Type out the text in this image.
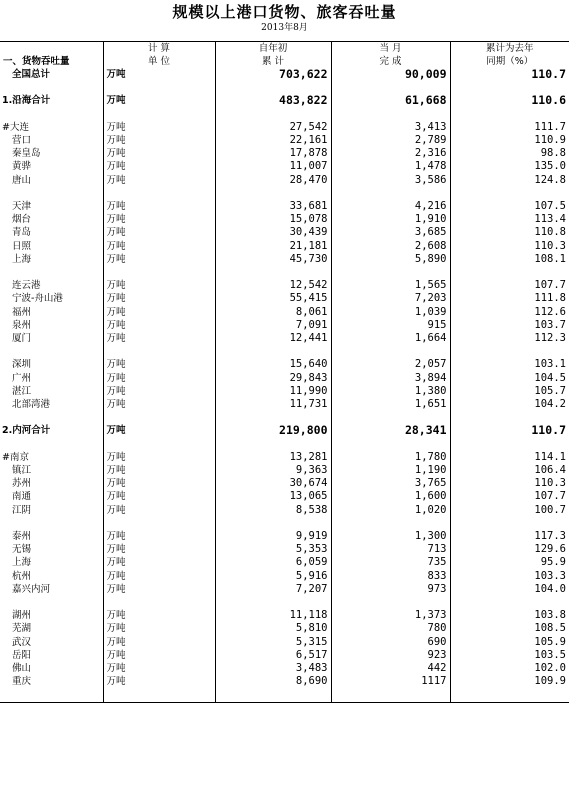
规模以上港口货物、旅客吞吐量
2013年8月
	计 算	自年初	当 月	累计为去年
一、货物吞吐量	单 位	累 计	完 成	同期（%）
全国总计	万吨	703,622	90,009	110.7

1.沿海合计	万吨	483,822	61,668	110.6

#大连	万吨	27,542	3,413	111.7
营口	万吨	22,161	2,789	110.9
秦皇岛	万吨	17,878	2,316	98.8
黄骅	万吨	11,007	1,478	135.0
唐山	万吨	28,470	3,586	124.8

天津	万吨	33,681	4,216	107.5
烟台	万吨	15,078	1,910	113.4
青岛	万吨	30,439	3,685	110.8
日照	万吨	21,181	2,608	110.3
上海	万吨	45,730	5,890	108.1

连云港	万吨	12,542	1,565	107.7
宁波-舟山港	万吨	55,415	7,203	111.8
福州	万吨	8,061	1,039	112.6
泉州	万吨	7,091	915	103.7
厦门	万吨	12,441	1,664	112.3

深圳	万吨	15,640	2,057	103.1
广州	万吨	29,843	3,894	104.5
湛江	万吨	11,990	1,380	105.7
北部湾港	万吨	11,731	1,651	104.2

2.内河合计	万吨	219,800	28,341	110.7

#南京	万吨	13,281	1,780	114.1
镇江	万吨	9,363	1,190	106.4
苏州	万吨	30,674	3,765	110.3
南通	万吨	13,065	1,600	107.7
江阴	万吨	8,538	1,020	100.7

泰州	万吨	9,919	1,300	117.3
无锡	万吨	5,353	713	129.6
上海	万吨	6,059	735	95.9
杭州	万吨	5,916	833	103.3
嘉兴内河	万吨	7,207	973	104.0

湖州	万吨	11,118	1,373	103.8
芜湖	万吨	5,810	780	108.5
武汉	万吨	5,315	690	105.9
岳阳	万吨	6,517	923	103.5
佛山	万吨	3,483	442	102.0
重庆	万吨	8,690	1117	109.9
